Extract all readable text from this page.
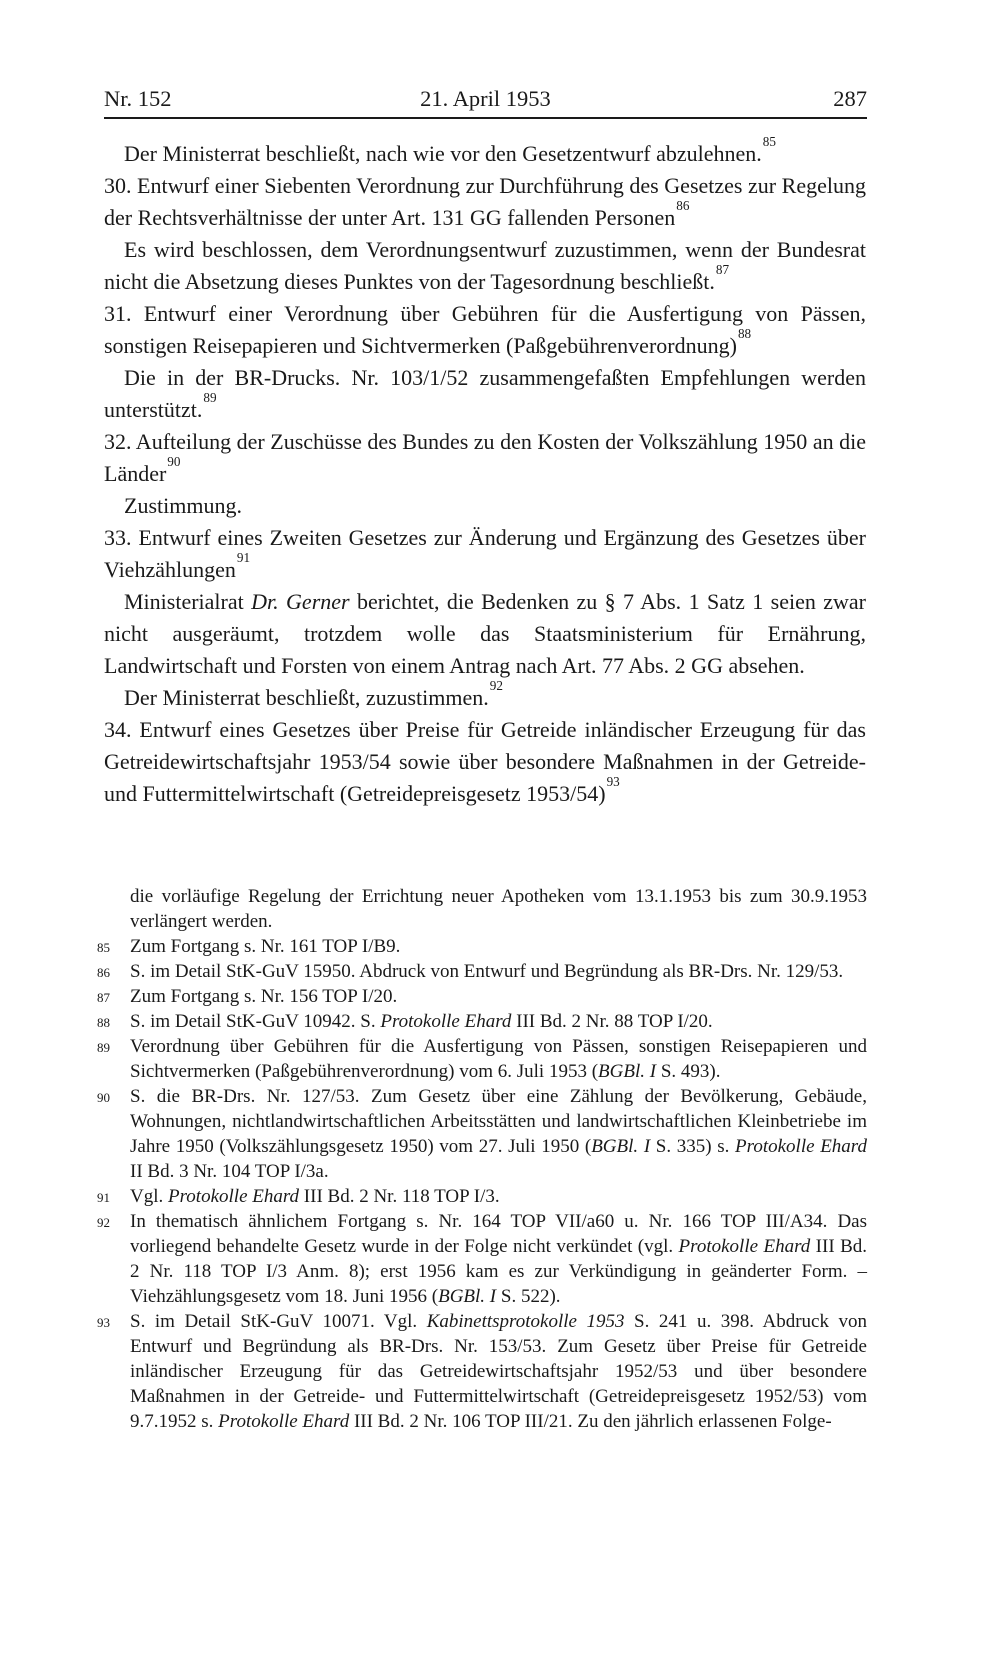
Nr. 152	21. April 1953	287

Der Ministerrat beschließt, nach wie vor den Gesetzentwurf abzulehnen.$^{85}$

30. Entwurf einer Siebenten Verordnung zur Durchführung des Gesetzes zur Regelung der Rechtsverhältnisse der unter Art. 131 GG fallenden Personen$^{86}$

Es wird beschlossen, dem Verordnungsentwurf zuzustimmen, wenn der Bundesrat nicht die Absetzung dieses Punktes von der Tagesordnung beschließt.$^{87}$

31. Entwurf einer Verordnung über Gebühren für die Ausfertigung von Pässen, sonstigen Reisepapieren und Sichtvermerken (Paßgebührenverordnung)$^{88}$

Die in der BR-Drucks. Nr. 103/1/52 zusammengefaßten Empfehlungen werden unterstützt.$^{89}$

32. Aufteilung der Zuschüsse des Bundes zu den Kosten der Volkszählung 1950 an die Länder$^{90}$

Zustimmung.

33. Entwurf eines Zweiten Gesetzes zur Änderung und Ergänzung des Gesetzes über Viehzählungen$^{91}$

Ministerialrat Dr. Gerner berichtet, die Bedenken zu § 7 Abs. 1 Satz 1 seien zwar nicht ausgeräumt, trotzdem wolle das Staatsministerium für Ernährung, Landwirtschaft und Forsten von einem Antrag nach Art. 77 Abs. 2 GG absehen.

Der Ministerrat beschließt, zuzustimmen.$^{92}$

34. Entwurf eines Gesetzes über Preise für Getreide inländischer Erzeugung für das Getreidewirtschaftsjahr 1953/54 sowie über besondere Maßnahmen in der Getreide- und Futtermittelwirtschaft (Getreidepreisgesetz 1953/54)$^{93}$

die vorläufige Regelung der Errichtung neuer Apotheken vom 13.1.1953 bis zum 30.9.1953 verlängert werden.
85 Zum Fortgang s. Nr. 161 TOP I/B9.
86 S. im Detail StK-GuV 15950. Abdruck von Entwurf und Begründung als BR-Drs. Nr. 129/53.
87 Zum Fortgang s. Nr. 156 TOP I/20.
88 S. im Detail StK-GuV 10942. S. Protokolle Ehard III Bd. 2 Nr. 88 TOP I/20.
89 Verordnung über Gebühren für die Ausfertigung von Pässen, sonstigen Reisepapieren und Sichtvermerken (Paßgebührenverordnung) vom 6. Juli 1953 (BGBl. I S. 493).
90 S. die BR-Drs. Nr. 127/53. Zum Gesetz über eine Zählung der Bevölkerung, Gebäude, Wohnungen, nichtlandwirtschaftlichen Arbeitsstätten und landwirtschaftlichen Kleinbetriebe im Jahre 1950 (Volkszählungsgesetz 1950) vom 27. Juli 1950 (BGBl. I S. 335) s. Protokolle Ehard II Bd. 3 Nr. 104 TOP I/3a.
91 Vgl. Protokolle Ehard III Bd. 2 Nr. 118 TOP I/3.
92 In thematisch ähnlichem Fortgang s. Nr. 164 TOP VII/a60 u. Nr. 166 TOP III/A34. Das vorliegend behandelte Gesetz wurde in der Folge nicht verkündet (vgl. Protokolle Ehard III Bd. 2 Nr. 118 TOP I/3 Anm. 8); erst 1956 kam es zur Verkündigung in geänderter Form. – Viehzählungsgesetz vom 18. Juni 1956 (BGBl. I S. 522).
93 S. im Detail StK-GuV 10071. Vgl. Kabinettsprotokolle 1953 S. 241 u. 398. Abdruck von Entwurf und Begründung als BR-Drs. Nr. 153/53. Zum Gesetz über Preise für Getreide inländischer Erzeugung für das Getreidewirtschaftsjahr 1952/53 und über besondere Maßnahmen in der Getreide- und Futtermittelwirtschaft (Getreidepreisgesetz 1952/53) vom 9.7.1952 s. Protokolle Ehard III Bd. 2 Nr. 106 TOP III/21. Zu den jährlich erlassenen Folge-
